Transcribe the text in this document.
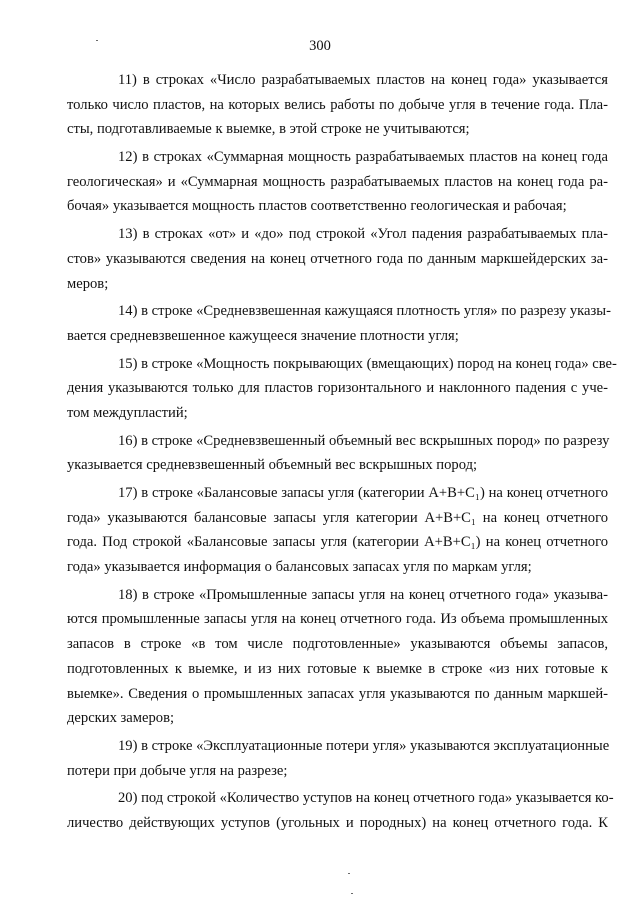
300
11) в строках «Число разрабатываемых пластов на конец года» указывается
только число пластов, на которых велись работы по добыче угля в течение года. Пла-
сты, подготавливаемые к выемке, в этой строке не учитываются;
12) в строках «Суммарная мощность разрабатываемых пластов на конец года
геологическая» и «Суммарная мощность разрабатываемых пластов на конец года ра-
бочая» указывается мощность пластов соответственно геологическая и рабочая;
13) в строках «от» и «до» под строкой «Угол падения разрабатываемых пла-
стов» указываются сведения на конец отчетного года по данным маркшейдерских за-
меров;
14) в строке «Средневзвешенная кажущаяся плотность угля» по разрезу указы-
вается средневзвешенное кажущееся значение плотности угля;
15) в строке «Мощность покрывающих (вмещающих) пород на конец года» све-
дения указываются только для пластов горизонтального и наклонного падения с уче-
том междупластий;
16) в строке «Средневзвешенный объемный вес вскрышных пород» по разрезу
указывается средневзвешенный объемный вес вскрышных пород;
17) в строке «Балансовые запасы угля (категории А+В+C₁) на конец отчетного
года» указываются балансовые запасы угля категории А+В+C₁ на конец отчетного
года. Под строкой «Балансовые запасы угля (категории А+В+C₁) на конец отчетного
года» указывается информация о балансовых запасах угля по маркам угля;
18) в строке «Промышленные запасы угля на конец отчетного года» указыва-
ются промышленные запасы угля на конец отчетного года. Из объема промышленных
запасов в строке «в том числе подготовленные» указываются объемы запасов,
подготовленных к выемке, и из них готовые к выемке в строке «из них готовые к
выемке». Сведения о промышленных запасах угля указываются по данным маркшей-
дерских замеров;
19) в строке «Эксплуатационные потери угля» указываются эксплуатационные
потери при добыче угля на разрезе;
20) под строкой «Количество уступов на конец отчетного года» указывается ко-
личество действующих уступов (угольных и породных) на конец отчетного года. К
